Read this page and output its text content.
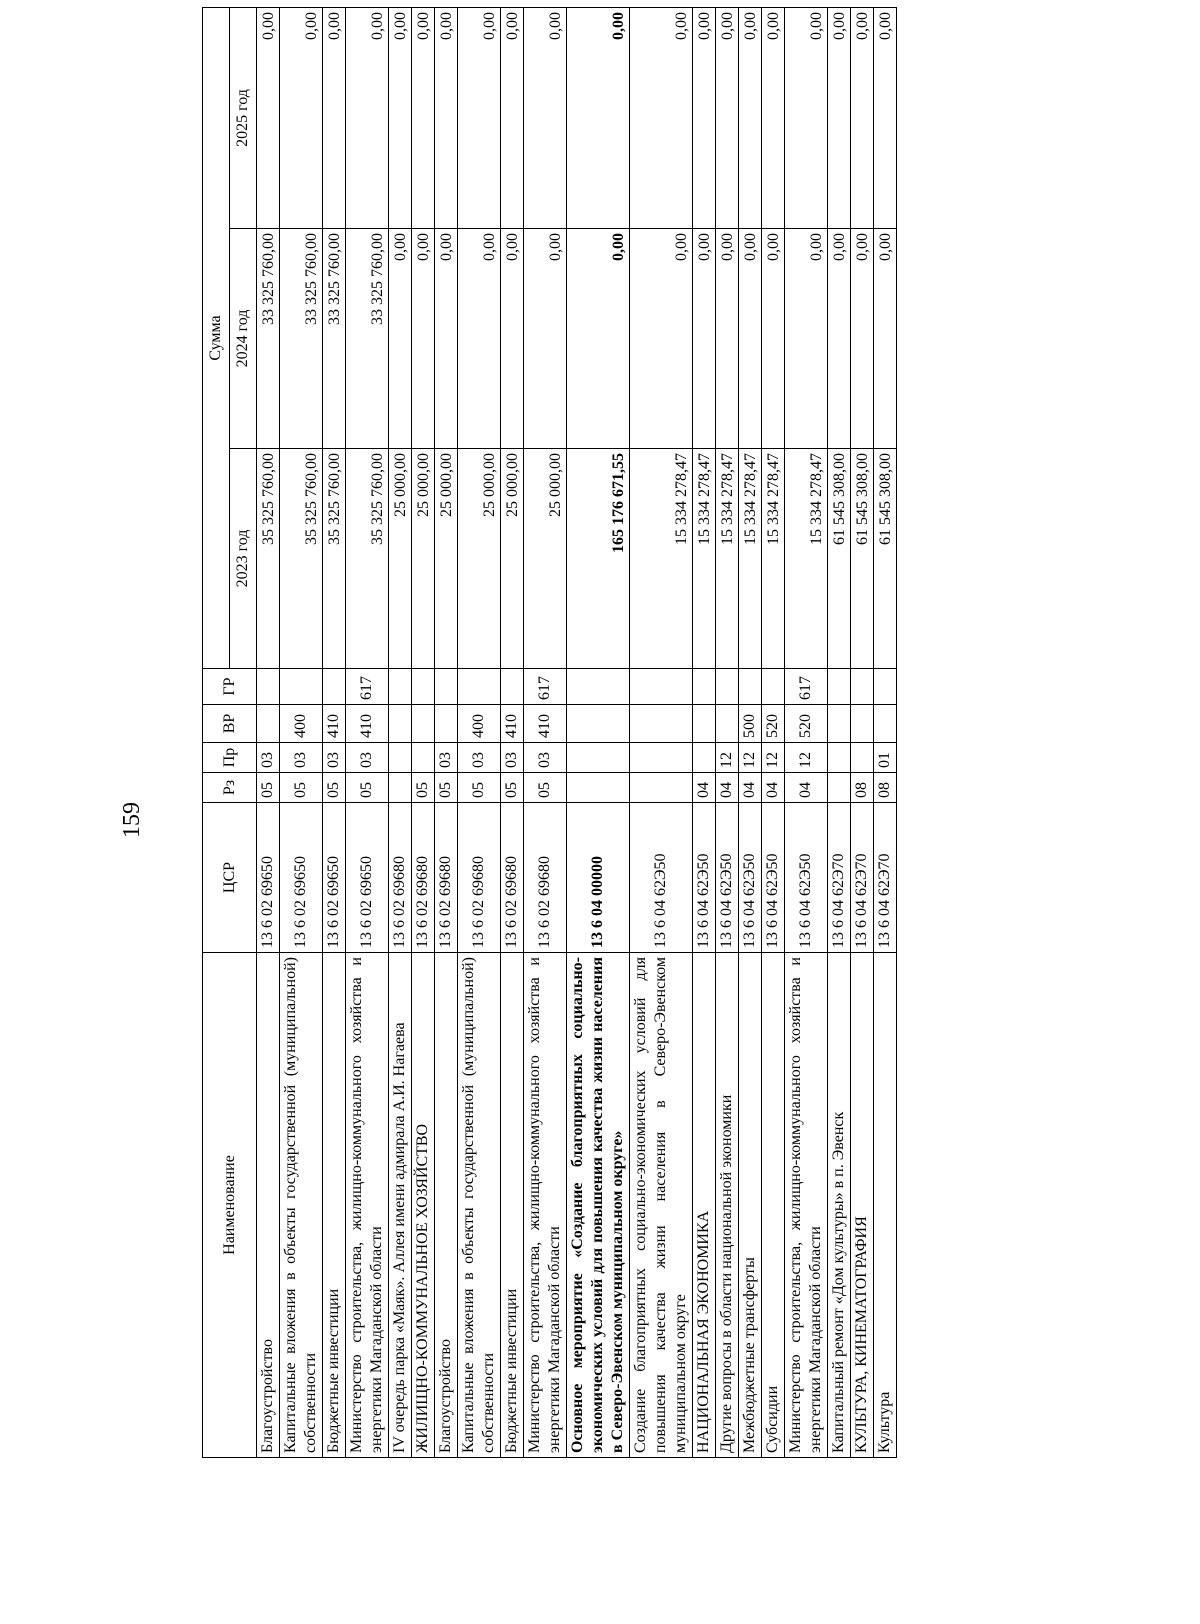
159
Наименование	ЦСР	Рз	Пр	ВР	ГР	Сумма		
						2023 год	2024 год	2025 год
Благоустройство	13 6 02 69650	05	03			35 325 760,00	33 325 760,00	0,00
Капитальные вложения в объекты государственной (муниципальной) собственности	13 6 02 69650	05	03	400		35 325 760,00	33 325 760,00	0,00
Бюджетные инвестиции	13 6 02 69650	05	03	410		35 325 760,00	33 325 760,00	0,00
Министерство строительства, жилищно-коммунального хозяйства и энергетики Магаданской области	13 6 02 69650	05	03	410	617	35 325 760,00	33 325 760,00	0,00
IV очередь парка «Маяк». Аллея имени адмирала А.И. Нагаева	13 6 02 69680					25 000,00	0,00	0,00
ЖИЛИЩНО-КОММУНАЛЬНОЕ ХОЗЯЙСТВО	13 6 02 69680	05				25 000,00	0,00	0,00
Благоустройство	13 6 02 69680	05	03			25 000,00	0,00	0,00
Капитальные вложения в объекты государственной (муниципальной) собственности	13 6 02 69680	05	03	400		25 000,00	0,00	0,00
Бюджетные инвестиции	13 6 02 69680	05	03	410		25 000,00	0,00	0,00
Министерство строительства, жилищно-коммунального хозяйства и энергетики Магаданской области	13 6 02 69680	05	03	410	617	25 000,00	0,00	0,00
Основное мероприятие «Создание благоприятных социально-экономических условий для повышения качества жизни населения в Северо-Эвенском муниципальном округе»	13 6 04 00000					165 176 671,55	0,00	0,00
Создание благоприятных социально-экономических условий для повышения качества жизни населения в Северо-Эвенском муниципальном округе	13 6 04 62Э50					15 334 278,47	0,00	0,00
НАЦИОНАЛЬНАЯ ЭКОНОМИКА	13 6 04 62Э50	04				15 334 278,47	0,00	0,00
Другие вопросы в области национальной экономики	13 6 04 62Э50	04	12			15 334 278,47	0,00	0,00
Межбюджетные трансферты	13 6 04 62Э50	04	12	500		15 334 278,47	0,00	0,00
Субсидии	13 6 04 62Э50	04	12	520		15 334 278,47	0,00	0,00
Министерство строительства, жилищно-коммунального хозяйства и энергетики Магаданской области	13 6 04 62Э50	04	12	520	617	15 334 278,47	0,00	0,00
Капитальный ремонт «Дом культуры» в п. Эвенск	13 6 04 62Э70					61 545 308,00	0,00	0,00
КУЛЬТУРА, КИНЕМАТОГРАФИЯ	13 6 04 62Э70	08				61 545 308,00	0,00	0,00
Культура	13 6 04 62Э70	08	01			61 545 308,00	0,00	0,00
